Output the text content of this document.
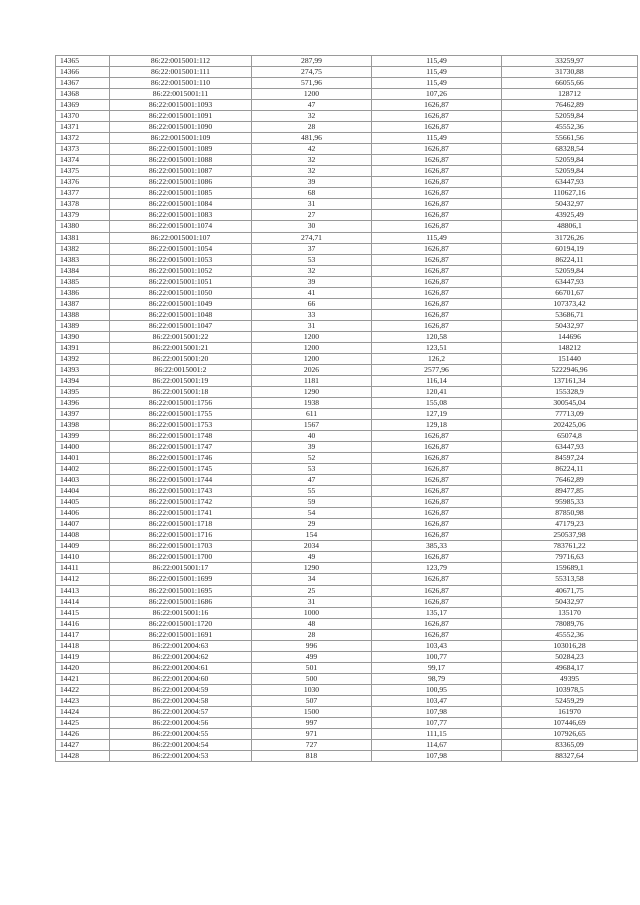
14365	86:22:0015001:112	287,99	115,49	33259,97
14366	86:22:0015001:111	274,75	115,49	31730,88
14367	86:22:0015001:110	571,96	115,49	66055,66
14368	86:22:0015001:11	1200	107,26	128712
14369	86:22:0015001:1093	47	1626,87	76462,89
14370	86:22:0015001:1091	32	1626,87	52059,84
14371	86:22:0015001:1090	28	1626,87	45552,36
14372	86:22:0015001:109	481,96	115,49	55661,56
14373	86:22:0015001:1089	42	1626,87	68328,54
14374	86:22:0015001:1088	32	1626,87	52059,84
14375	86:22:0015001:1087	32	1626,87	52059,84
14376	86:22:0015001:1086	39	1626,87	63447,93
14377	86:22:0015001:1085	68	1626,87	110627,16
14378	86:22:0015001:1084	31	1626,87	50432,97
14379	86:22:0015001:1083	27	1626,87	43925,49
14380	86:22:0015001:1074	30	1626,87	48806,1
14381	86:22:0015001:107	274,71	115,49	31726,26
14382	86:22:0015001:1054	37	1626,87	60194,19
14383	86:22:0015001:1053	53	1626,87	86224,11
14384	86:22:0015001:1052	32	1626,87	52059,84
14385	86:22:0015001:1051	39	1626,87	63447,93
14386	86:22:0015001:1050	41	1626,87	66701,67
14387	86:22:0015001:1049	66	1626,87	107373,42
14388	86:22:0015001:1048	33	1626,87	53686,71
14389	86:22:0015001:1047	31	1626,87	50432,97
14390	86:22:0015001:22	1200	120,58	144696
14391	86:22:0015001:21	1200	123,51	148212
14392	86:22:0015001:20	1200	126,2	151440
14393	86:22:0015001:2	2026	2577,96	5222946,96
14394	86:22:0015001:19	1181	116,14	137161,34
14395	86:22:0015001:18	1290	120,41	155328,9
14396	86:22:0015001:1756	1938	155,08	300545,04
14397	86:22:0015001:1755	611	127,19	77713,09
14398	86:22:0015001:1753	1567	129,18	202425,06
14399	86:22:0015001:1748	40	1626,87	65074,8
14400	86:22:0015001:1747	39	1626,87	63447,93
14401	86:22:0015001:1746	52	1626,87	84597,24
14402	86:22:0015001:1745	53	1626,87	86224,11
14403	86:22:0015001:1744	47	1626,87	76462,89
14404	86:22:0015001:1743	55	1626,87	89477,85
14405	86:22:0015001:1742	59	1626,87	95985,33
14406	86:22:0015001:1741	54	1626,87	87850,98
14407	86:22:0015001:1718	29	1626,87	47179,23
14408	86:22:0015001:1716	154	1626,87	250537,98
14409	86:22:0015001:1703	2034	385,33	783761,22
14410	86:22:0015001:1700	49	1626,87	79716,63
14411	86:22:0015001:17	1290	123,79	159689,1
14412	86:22:0015001:1699	34	1626,87	55313,58
14413	86:22:0015001:1695	25	1626,87	40671,75
14414	86:22:0015001:1686	31	1626,87	50432,97
14415	86:22:0015001:16	1000	135,17	135170
14416	86:22:0015001:1720	48	1626,87	78089,76
14417	86:22:0015001:1691	28	1626,87	45552,36
14418	86:22:0012004:63	996	103,43	103016,28
14419	86:22:0012004:62	499	100,77	50284,23
14420	86:22:0012004:61	501	99,17	49684,17
14421	86:22:0012004:60	500	98,79	49395
14422	86:22:0012004:59	1030	100,95	103978,5
14423	86:22:0012004:58	507	103,47	52459,29
14424	86:22:0012004:57	1500	107,98	161970
14425	86:22:0012004:56	997	107,77	107446,69
14426	86:22:0012004:55	971	111,15	107926,65
14427	86:22:0012004:54	727	114,67	83365,09
14428	86:22:0012004:53	818	107,98	88327,64
